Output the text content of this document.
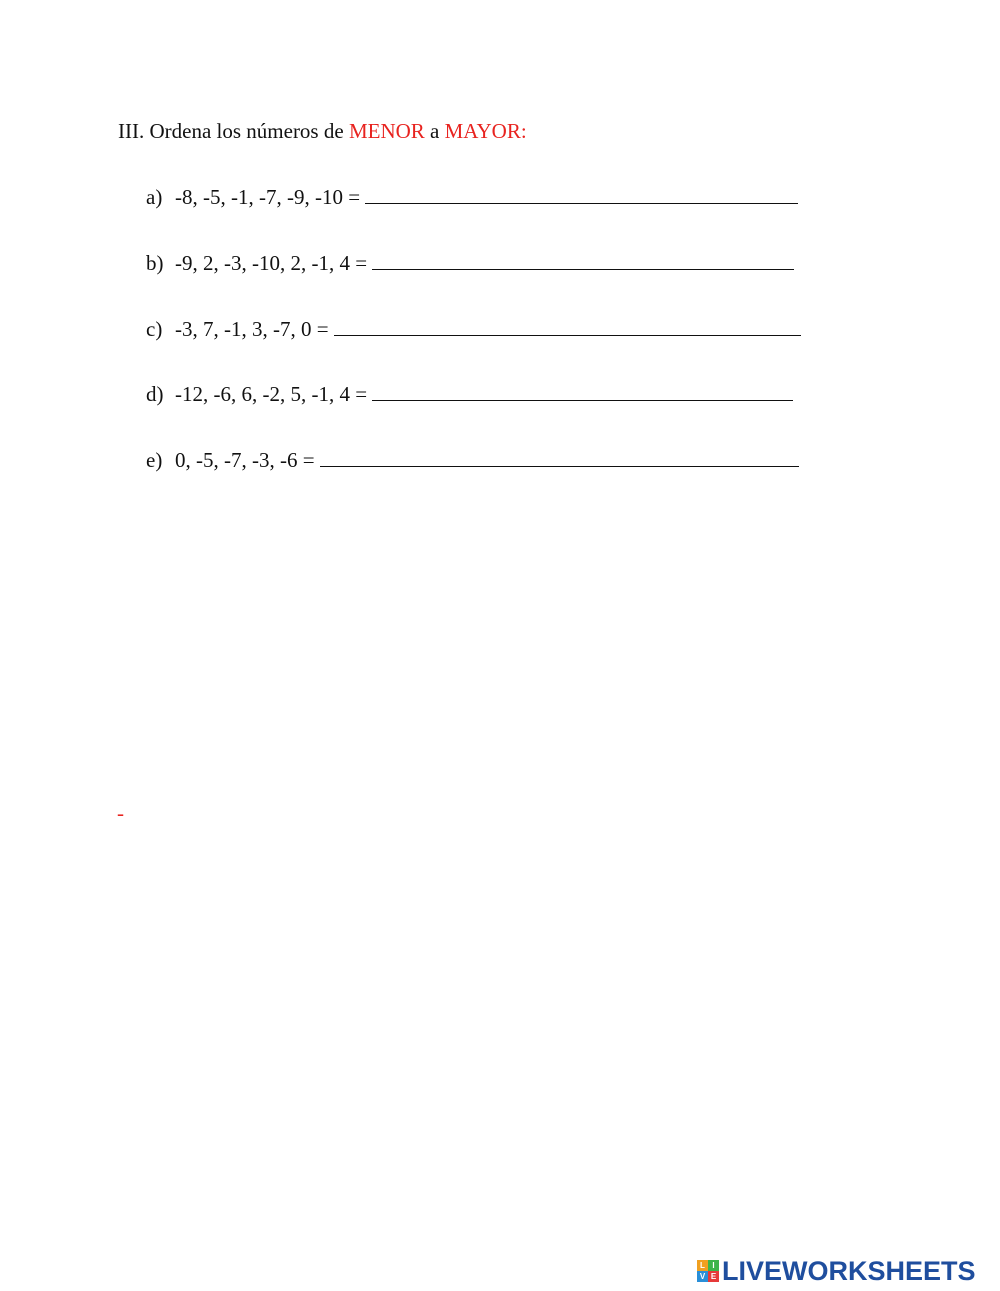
III. Ordena los números de MENOR a MAYOR:
a) -8, -5, -1, -7, -9, -10 =
b) -9, 2, -3, -10, 2, -1, 4 =
c) -3, 7, -1, 3, -7, 0 =
d) -12, -6, 6, -2, 5, -1, 4 =
e) 0, -5, -7, -3, -6 =
-
L I
V E LIVEWORKSHEETS
